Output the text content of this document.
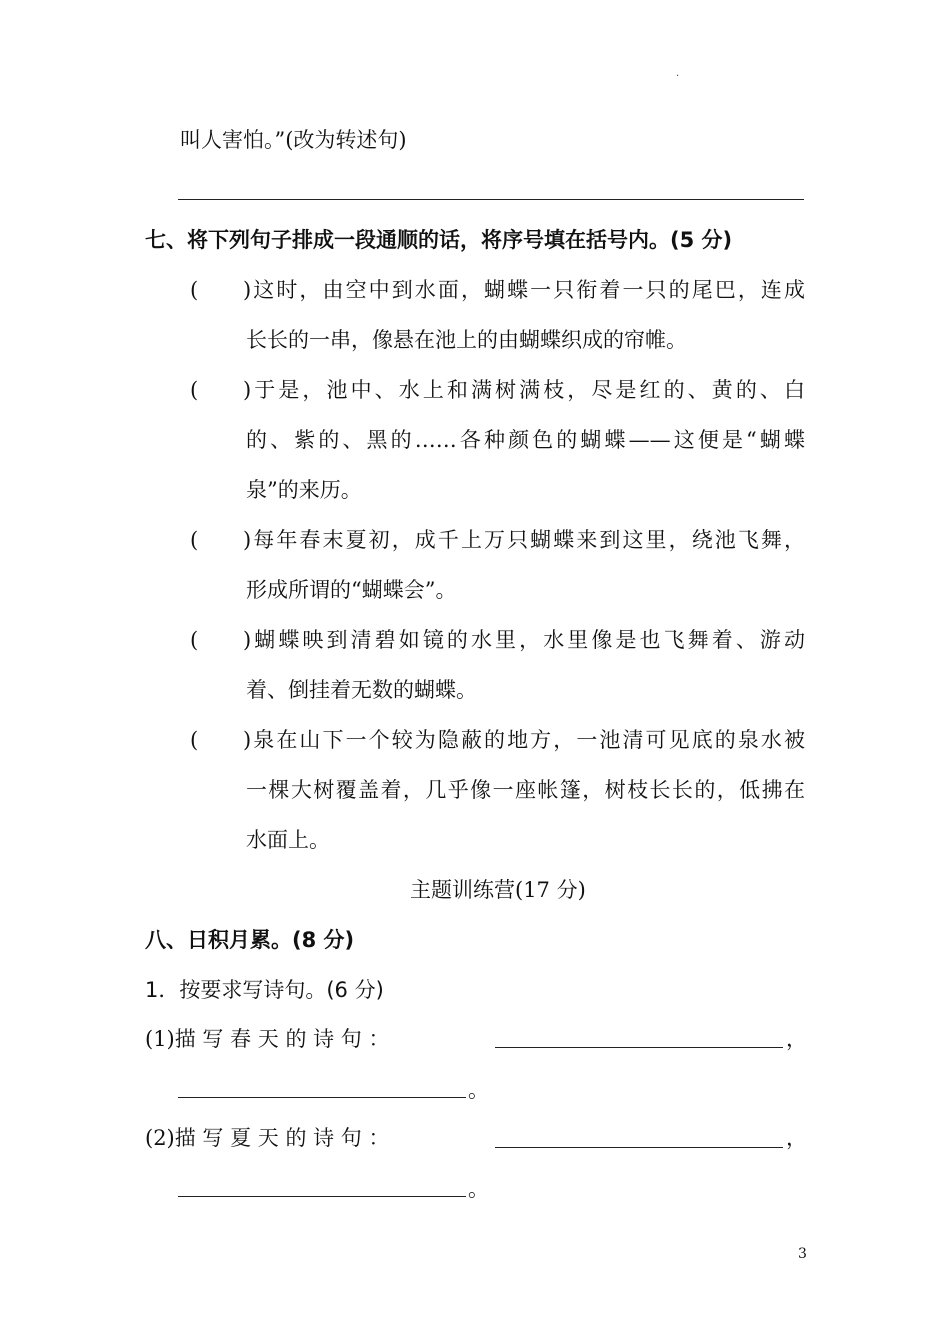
·
叫人害怕。”(改为转述句)
七、将下列句子排成一段通顺的话，将序号填在括号内。(5 分)
( )这时，由空中到水面，蝴蝶一只衔着一只的尾巴，连成
长长的一串，像悬在池上的由蝴蝶织成的帘帷。
( )于是，池中、水上和满树满枝，尽是红的、黄的、白
的、紫的、黑的……各种颜色的蝴蝶——这便是“蝴蝶
泉”的来历。
( )每年春末夏初，成千上万只蝴蝶来到这里，绕池飞舞，
形成所谓的“蝴蝶会”。
( )蝴蝶映到清碧如镜的水里，水里像是也飞舞着、游动
着、倒挂着无数的蝴蝶。
( )泉在山下一个较为隐蔽的地方，一池清可见底的泉水被
一棵大树覆盖着，几乎像一座帐篷，树枝长长的，低拂在
水面上。
主题训练营(17 分)
八、日积月累。(8 分)
1．按要求写诗句。(6 分)
(1)描 写 春 天 的 诗 句 ：	，
。
(2)描 写 夏 天 的 诗 句 ：	，
。
3
